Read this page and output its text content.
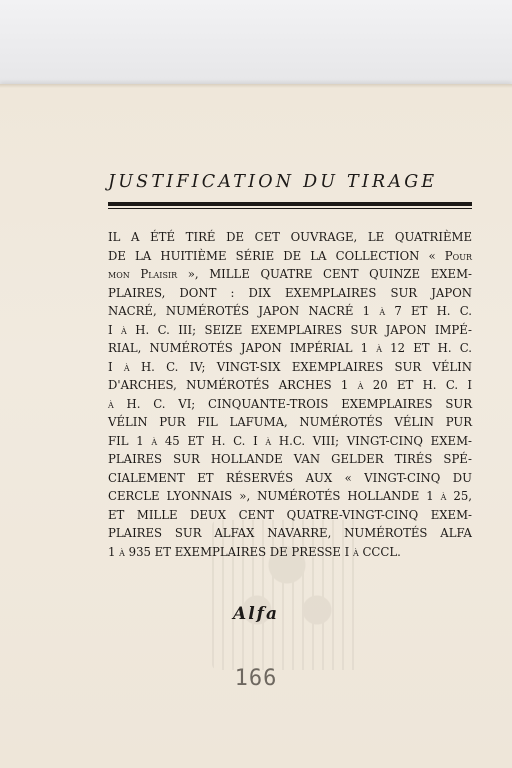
JUSTIFICATION DU TIRAGE
IL A ÉTÉ TIRÉ DE CET OUVRAGE, LE QUATRIÈME
DE LA HUITIÈME SÉRIE DE LA COLLECTION « Pour
mon Plaisir », MILLE QUATRE CENT QUINZE EXEM-
PLAIRES, DONT : DIX EXEMPLAIRES SUR JAPON
NACRÉ, NUMÉROTÉS JAPON NACRÉ 1 à 7 ET H. C.
I à H. C. III; SEIZE EXEMPLAIRES SUR JAPON IMPÉ-
RIAL, NUMÉROTÉS JAPON IMPÉRIAL 1 à 12 ET H. C.
I à H. C. IV; VINGT-SIX EXEMPLAIRES SUR VÉLIN
D'ARCHES, NUMÉROTÉS ARCHES 1 à 20 ET H. C. I
à H. C. VI; CINQUANTE-TROIS EXEMPLAIRES SUR
VÉLIN PUR FIL LAFUMA, NUMÉROTÉS VÉLIN PUR
FIL 1 à 45 ET H. C. I à H.C. VIII; VINGT-CINQ EXEM-
PLAIRES SUR HOLLANDE VAN GELDER TIRÉS SPÉ-
CIALEMENT ET RÉSERVÉS AUX « VINGT-CINQ DU
CERCLE LYONNAIS », NUMÉROTÉS HOLLANDE 1 à 25,
ET MILLE DEUX CENT QUATRE-VINGT-CINQ EXEM-
PLAIRES SUR ALFAX NAVARRE, NUMÉROTÉS ALFA
1 à 935 ET EXEMPLAIRES DE PRESSE I à CCCL.
Alfa
166
